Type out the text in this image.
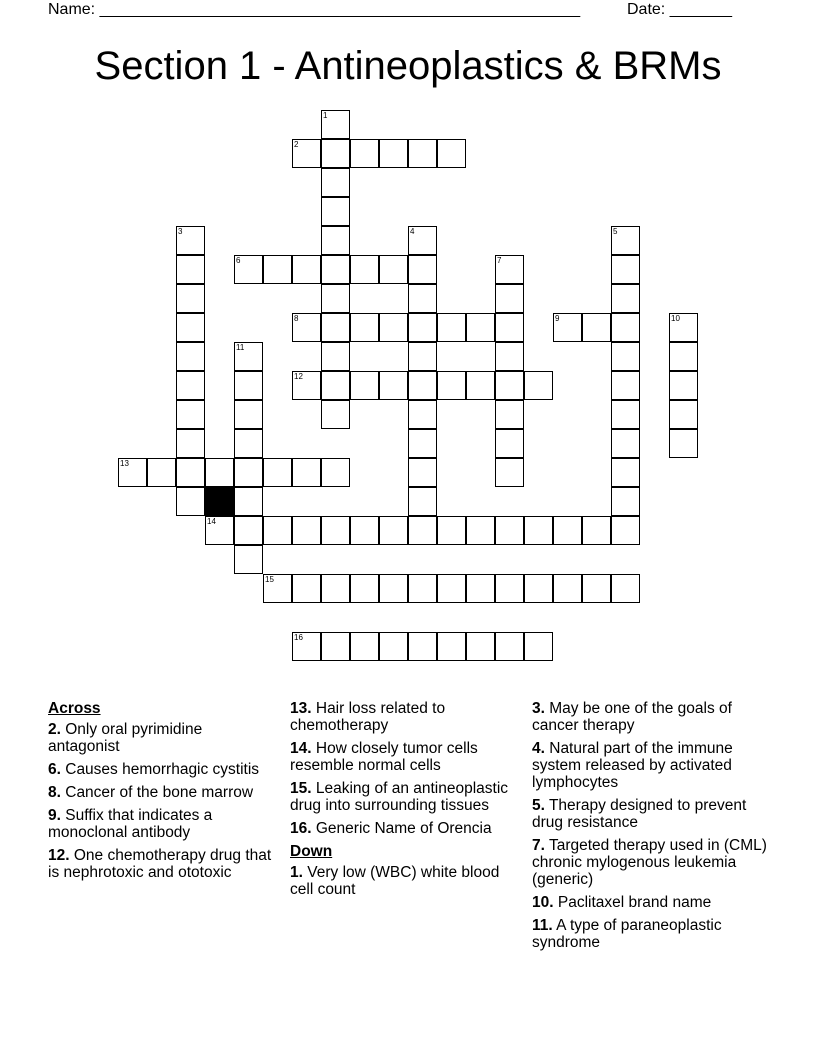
Name: ______________________________________________________	Date: _______
Section 1 - Antineoplastics & BRMs
2
6
8	9
12
13
14
15
16
1
3	4	5
7
10
11
Across
2. Only oral pyrimidine antagonist
6. Causes hemorrhagic cystitis
8. Cancer of the bone marrow
9. Suffix that indicates a monoclonal antibody
12. One chemotherapy drug that is nephrotoxic and ototoxic
13. Hair loss related to chemotherapy
14. How closely tumor cells resemble normal cells
15. Leaking of an antineoplastic drug into surrounding tissues
16. Generic Name of Orencia
Down
1. Very low (WBC) white blood cell count
3. May be one of the goals of cancer therapy
4. Natural part of the immune system released by activated lymphocytes
5. Therapy designed to prevent drug resistance
7. Targeted therapy used in (CML) chronic mylogenous leukemia (generic)
10. Paclitaxel brand name
11. A type of paraneoplastic syndrome
